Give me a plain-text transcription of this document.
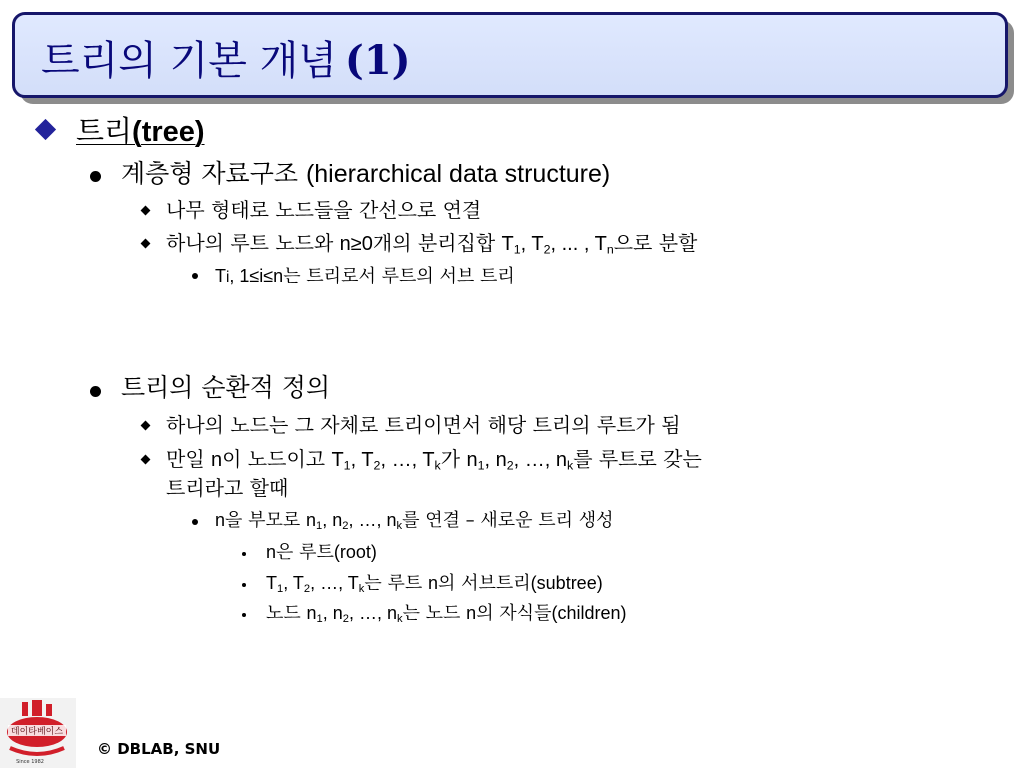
트리의 기본 개념 (1)
트리(tree)
계층형 자료구조 (hierarchical data structure)
나무 형태로 노드들을 간선으로 연결
하나의 루트 노드와 n≥0개의 분리집합 $T_1$, $T_2$, ... , $T_n$으로 분할
Ti, 1≤i≤n는 트리로서 루트의 서브 트리
트리의 순환적 정의
하나의 노드는 그 자체로 트리이면서 해당 트리의 루트가 됨
만일 n이 노드이고 $T_1$, $T_2$, …, $T_k$가 $n_1$, $n_2$, …, $n_k$를 루트로 갖는
트리라고 할때
n을 부모로 $n_1$, $n_2$, …, $n_k$를 연결 – 새로운 트리 생성
n은 루트(root)
$T_1$, $T_2$, …, $T_k$는 루트 n의 서브트리(subtree)
노드 $n_1$, $n_2$, …, $n_k$는 노드 n의 자식들(children)
데이타베이스
Since 1982
© DBLAB, SNU
